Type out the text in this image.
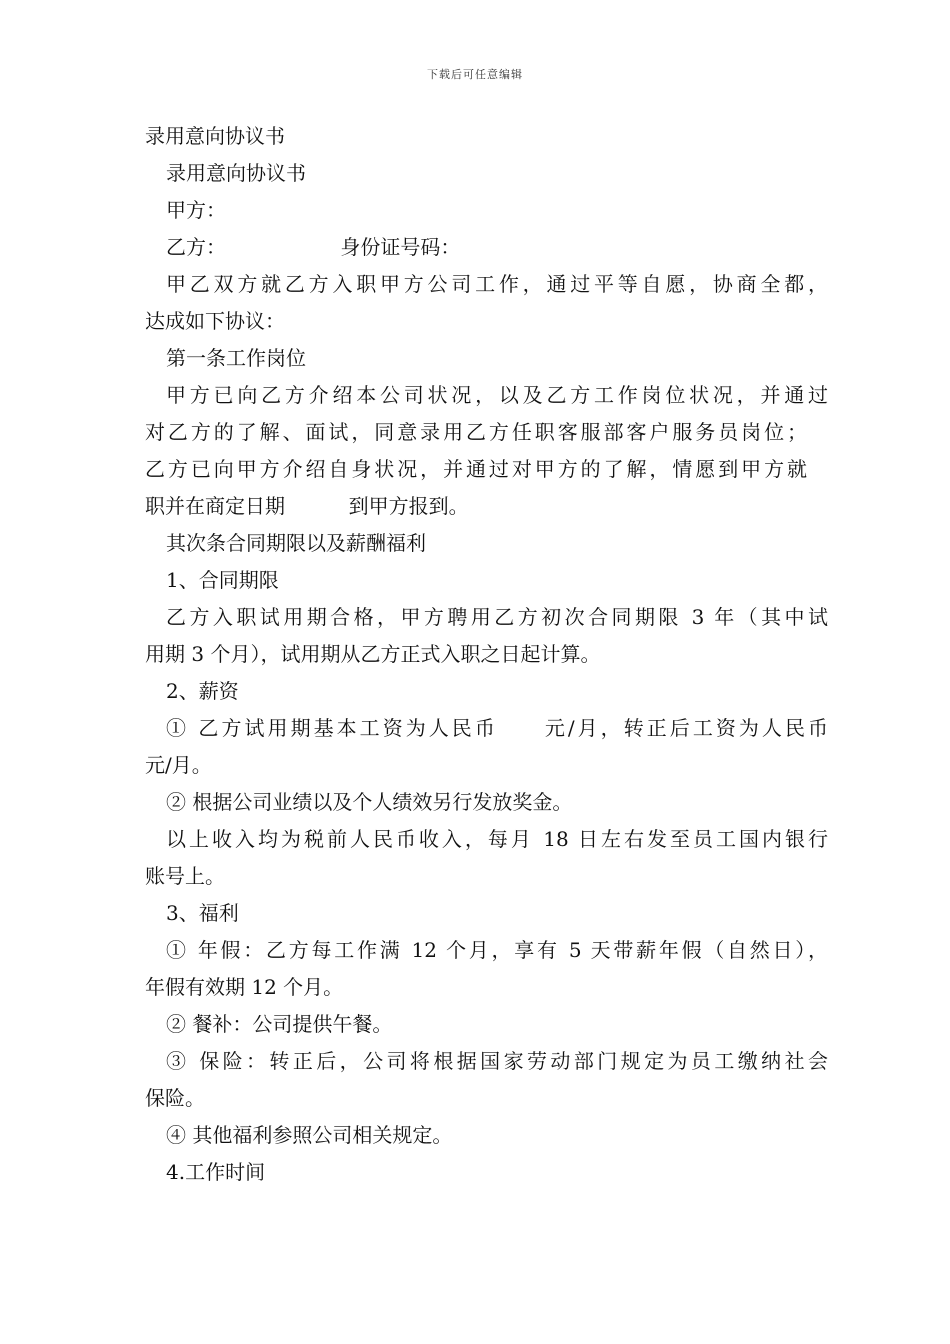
下载后可任意编辑
录用意向协议书
录用意向协议书
甲方：
乙方：                  身份证号码：
甲乙双方就乙方入职甲方公司工作，通过平等自愿，协商全都，
达成如下协议：
第一条工作岗位
甲方已向乙方介绍本公司状况，以及乙方工作岗位状况，并通过
对乙方的了解、面试，同意录用乙方任职客服部客户服务员岗位；
乙方已向甲方介绍自身状况，并通过对甲方的了解，情愿到甲方就
职并在商定日期          到甲方报到。
其次条合同期限以及薪酬福利
1、合同期限
乙方入职试用期合格，甲方聘用乙方初次合同期限 3 年（其中试
用期 3 个月），试用期从乙方正式入职之日起计算。
2、薪资
① 乙方试用期基本工资为人民币     元/月，转正后工资为人民币
元/月。
② 根据公司业绩以及个人绩效另行发放奖金。
以上收入均为税前人民币收入，每月 18 日左右发至员工国内银行
账号上。
3、福利
① 年假：乙方每工作满 12 个月，享有 5 天带薪年假（自然日），
年假有效期 12 个月。
② 餐补：公司提供午餐。
③ 保险：转正后，公司将根据国家劳动部门规定为员工缴纳社会
保险。
④ 其他福利参照公司相关规定。
4.工作时间
